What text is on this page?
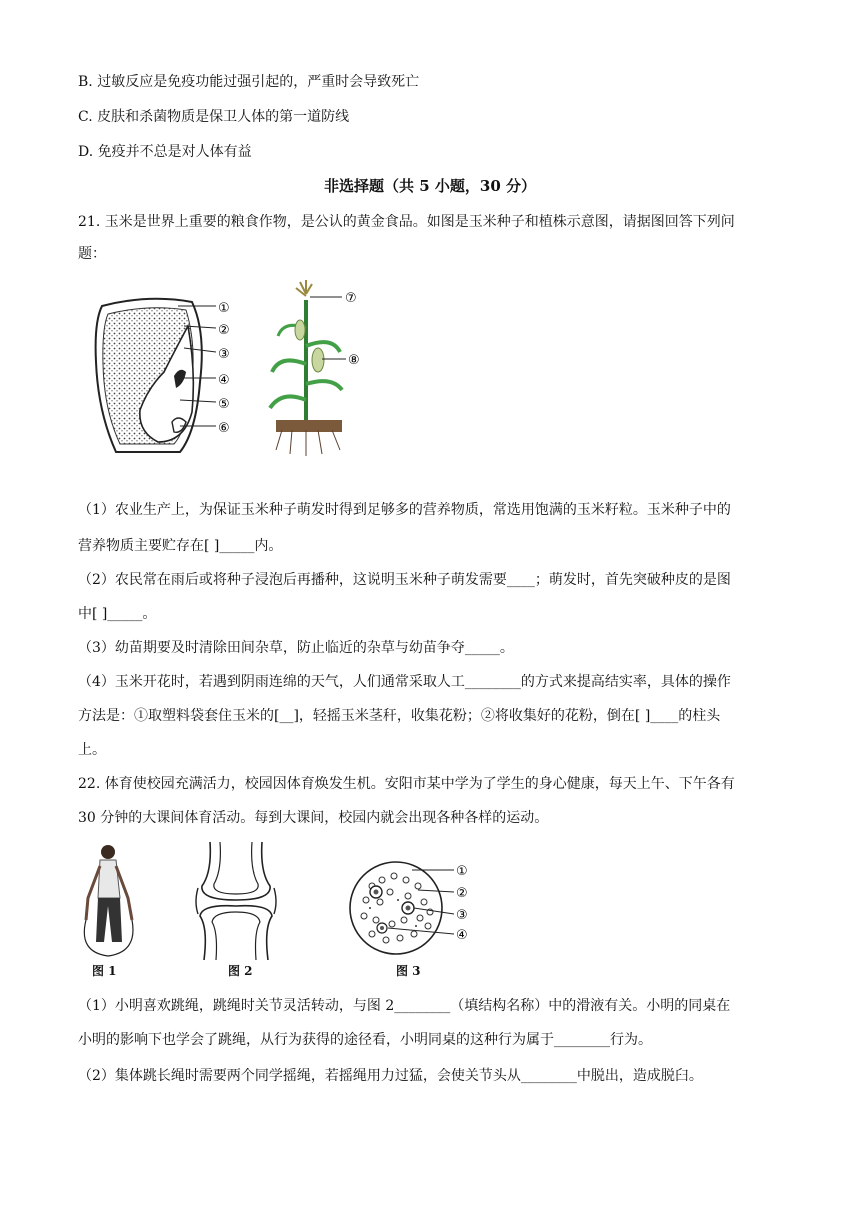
B. 过敏反应是免疫功能过强引起的，严重时会导致死亡
C. 皮肤和杀菌物质是保卫人体的第一道防线
D. 免疫并不总是对人体有益
非选择题（共 5 小题，30 分）
21. 玉米是世界上重要的粮食作物，是公认的黄金食品。如图是玉米种子和植株示意图，请据图回答下列问
题：
①
②
③
④
⑤
⑥
⑦
⑧
（1）农业生产上，为保证玉米种子萌发时得到足够多的营养物质，常选用饱满的玉米籽粒。玉米种子中的
营养物质主要贮存在[ ]_____内。
（2）农民常在雨后或将种子浸泡后再播种，这说明玉米种子萌发需要____；萌发时，首先突破种皮的是图
中[ ]_____。
（3）幼苗期要及时清除田间杂草，防止临近的杂草与幼苗争夺_____。
（4）玉米开花时，若遇到阴雨连绵的天气，人们通常采取人工________的方式来提高结实率，具体的操作
方法是：①取塑料袋套住玉米的[__]，轻摇玉米茎秆，收集花粉；②将收集好的花粉，倒在[ ]____的柱头
上。
22. 体育使校园充满活力，校园因体育焕发生机。安阳市某中学为了学生的身心健康，每天上午、下午各有
30 分钟的大课间体育活动。每到大课间，校园内就会出现各种各样的运动。
图 1	图 2
①
②
③
④
图 3
（1）小明喜欢跳绳，跳绳时关节灵活转动，与图 2________（填结构名称）中的滑液有关。小明的同桌在
小明的影响下也学会了跳绳，从行为获得的途径看，小明同桌的这种行为属于________行为。
（2）集体跳长绳时需要两个同学摇绳，若摇绳用力过猛，会使关节头从________中脱出，造成脱臼。
